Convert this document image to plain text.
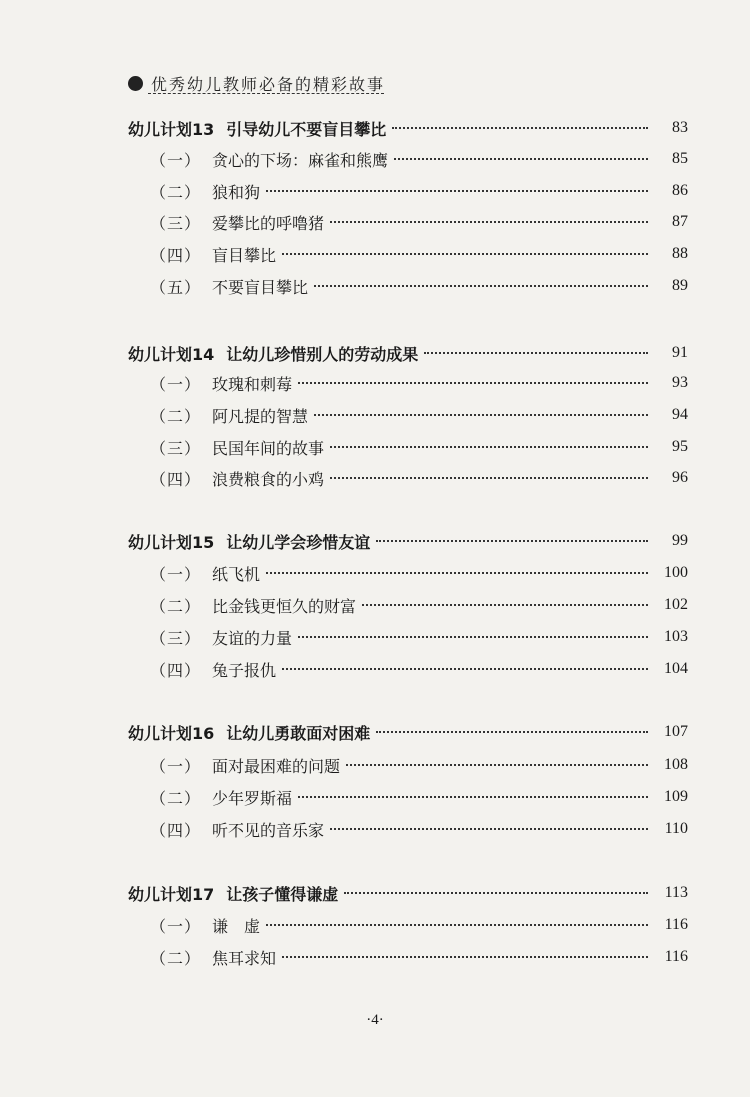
优秀幼儿教师必备的精彩故事
幼儿计划13 引导幼儿不要盲目攀比	83
（一） 贪心的下场：麻雀和熊鹰	85
（二） 狼和狗	86
（三） 爱攀比的呼噜猪	87
（四） 盲目攀比	88
（五） 不要盲目攀比	89
幼儿计划14 让幼儿珍惜别人的劳动成果	91
（一） 玫瑰和刺莓	93
（二） 阿凡提的智慧	94
（三） 民国年间的故事	95
（四） 浪费粮食的小鸡	96
幼儿计划15 让幼儿学会珍惜友谊	99
（一） 纸飞机	100
（二） 比金钱更恒久的财富	102
（三） 友谊的力量	103
（四） 兔子报仇	104
幼儿计划16 让幼儿勇敢面对困难	107
（一） 面对最困难的问题	108
（二） 少年罗斯福	109
（四） 听不见的音乐家	110
幼儿计划17 让孩子懂得谦虚	113
（一） 谦　虚	116
（二） 焦耳求知	116
·4·
